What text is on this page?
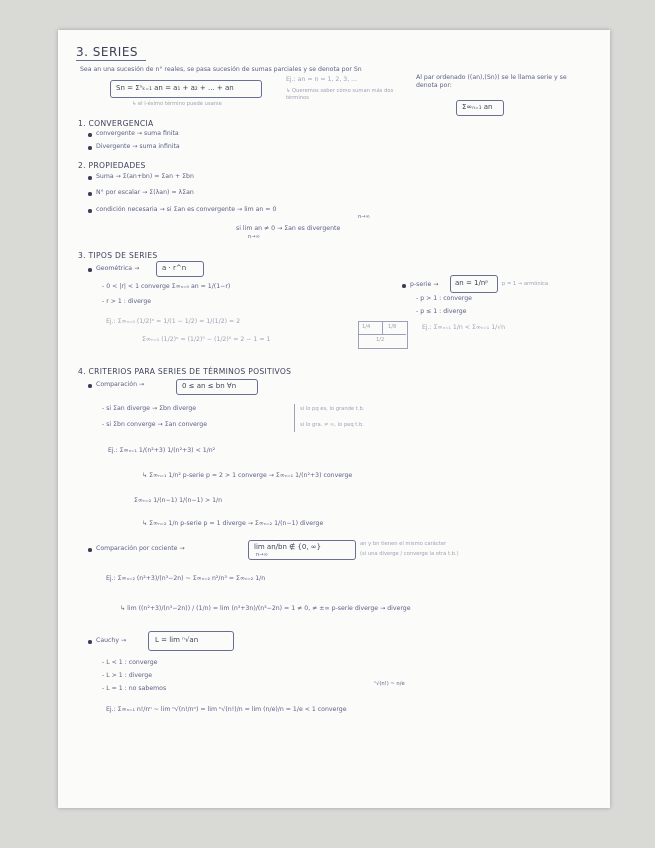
3. SERIES
Sea an una sucesión de n° reales, se pasa sucesión de sumas parciales y se denota por Sn
Sn = Σⁿₖ₌₁ an = a₁ + a₂ + ... + an
↳ el i-ésimo término puede usarse
Ej.: an = n = 1, 2, 3, ...
↳ Queremos saber cómo suman más dos términos
Al par ordenado ((an),(Sn)) se le llama serie y se denota por:
Σ∞ₙ₌₁ an
1. CONVERGENCIA
convergente → suma finita
Divergente → suma infinita
2. PROPIEDADES
Suma → Σ(an+bn) = Σan + Σbn
N° por escalar → Σ(λan) = λΣan
condición necesaria → si Σan es convergente → lim an = 0
n→∞
si lim an ≠ 0 → Σan es divergente
n→∞
3. TIPOS DE SERIES
Geométrica →	a · r^n
- 0 < |r| < 1 converge Σ∞ₙ₌₀ an = 1/(1−r)
- r > 1 : diverge
Ej.: Σ∞ₙ₌₀ (1/2)ⁿ = 1/(1 − 1/2) = 1/(1/2) = 2
Σ∞ₙ₌₁ (1/2)ⁿ = (1/2)⁰ − (1/2)⁰ = 2 − 1 = 1
1/4	1/8
1/2
p-serie → an = 1/nᵖ	p = 1 → armónica
- p > 1 : converge
- p ≤ 1 : diverge
Ej.: Σ∞ₙ₌₁ 1/n < Σ∞ₙ₌₁ 1/√n
4. CRITERIOS PARA SERIES DE TÉRMINOS POSITIVOS
Comparación →	0 ≤ an ≤ bn ∀n
- si Σan diverge → Σbn diverge
- si Σbn converge → Σan converge
si lo pq es, lo grande t.b.
si lo gra. ≠ ∞, lo peq t.b.
Ej.: Σ∞ₙ₌₁ 1/(n²+3) 1/(n²+3) < 1/n²
↳ Σ∞ₙ₌₁ 1/n² p-serie p = 2 > 1 converge → Σ∞ₙ₌₁ 1/(n²+3) converge
Σ∞ₙ₌₂ 1/(n−1) 1/(n−1) > 1/n
↳ Σ∞ₙ₌₂ 1/n p-serie p = 1 diverge → Σ∞ₙ₌₂ 1/(n−1) diverge
Comparación por cociente →	lim an/bn ∉ {0, ∞}
n→∞
an y bn tienen el mismo carácter
(si una diverge / converge la otra t.b.)
Ej.: Σ∞ₙ₌₂ (n²+3)/(n³−2n) ~ Σ∞ₙ₌₂ n²/n³ = Σ∞ₙ₌₂ 1/n
↳ lim ((n²+3)/(n³−2n)) / (1/n) = lim (n³+3n)/(n³−2n) = 1 ≠ 0, ≠ ±∞ p-serie diverge → diverge
Cauchy →	L = lim ⁿ√an
- L < 1 : converge
- L > 1 : diverge
- L = 1 : no sabemos
ⁿ√(n!) ~ n/e
Ej.: Σ∞ₙ₌₁ n!/nⁿ ~ lim ⁿ√(n!/nⁿ) = lim ⁿ√(n!)/n = lim (n/e)/n = 1/e < 1 converge
